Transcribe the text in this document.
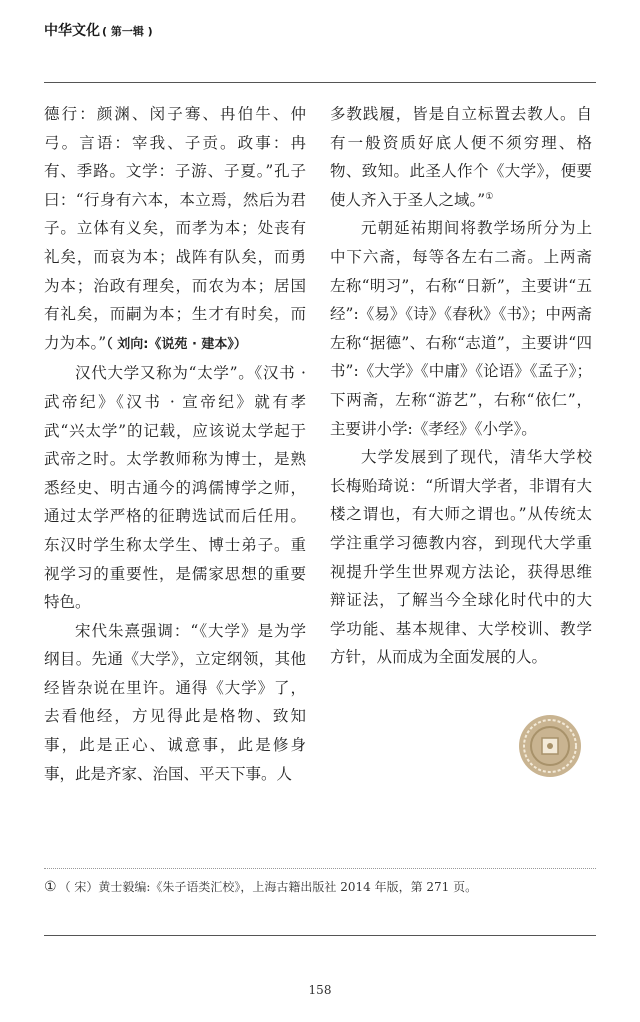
中华文化 ( 第一辑 )

德行：颜渊、闵子骞、冉伯牛、仲弓。言语：宰我、子贡。政事：冉有、季路。文学：子游、子夏。”孔子曰：“行身有六本，本立焉，然后为君子。立体有义矣，而孝为本；处丧有礼矣，而哀为本；战阵有队矣，而勇为本；治政有理矣，而农为本；居国有礼矣，而嗣为本；生才有时矣，而力为本。”（ 刘向:《说苑 · 建本》）

汉代大学又称为“太学”。《汉书 · 武帝纪》《汉书 · 宣帝纪》就有孝武“兴太学”的记载，应该说太学起于武帝之时。太学教师称为博士，是熟悉经史、明古通今的鸿儒博学之师，通过太学严格的征聘选试而后任用。东汉时学生称太学生、博士弟子。重视学习的重要性，是儒家思想的重要特色。

宋代朱熹强调：“《大学》是为学纲目。先通《大学》，立定纲领，其他经皆杂说在里许。通得《大学》了，去看他经，方见得此是格物、致知事，此是正心、诚意事，此是修身事，此是齐家、治国、平天下事。人

多教践履，皆是自立标置去教人。自有一般资质好底人便不须穷理、格物、致知。此圣人作个《大学》，便要使人齐入于圣人之域。”①

元朝延祐期间将教学场所分为上中下六斋，每等各左右二斋。上两斋左称“明习”，右称“日新”，主要讲“五经”:《易》《诗》《春秋》《书》；中两斋左称“据德”、右称“志道”，主要讲“四书”:《大学》《中庸》《论语》《孟子》；下两斋，左称“游艺”，右称“依仁”，主要讲小学:《孝经》《小学》。

大学发展到了现代，清华大学校长梅贻琦说：“所谓大学者，非谓有大楼之谓也，有大师之谓也。”从传统太学注重学习德教内容，到现代大学重视提升学生世界观方法论，获得思维辩证法，了解当今全球化时代中的大学功能、基本规律、大学校训、教学方针，从而成为全面发展的人。

① （ 宋）黄士毅编:《朱子语类汇校》，上海古籍出版社 2014 年版，第 271 页。
158
